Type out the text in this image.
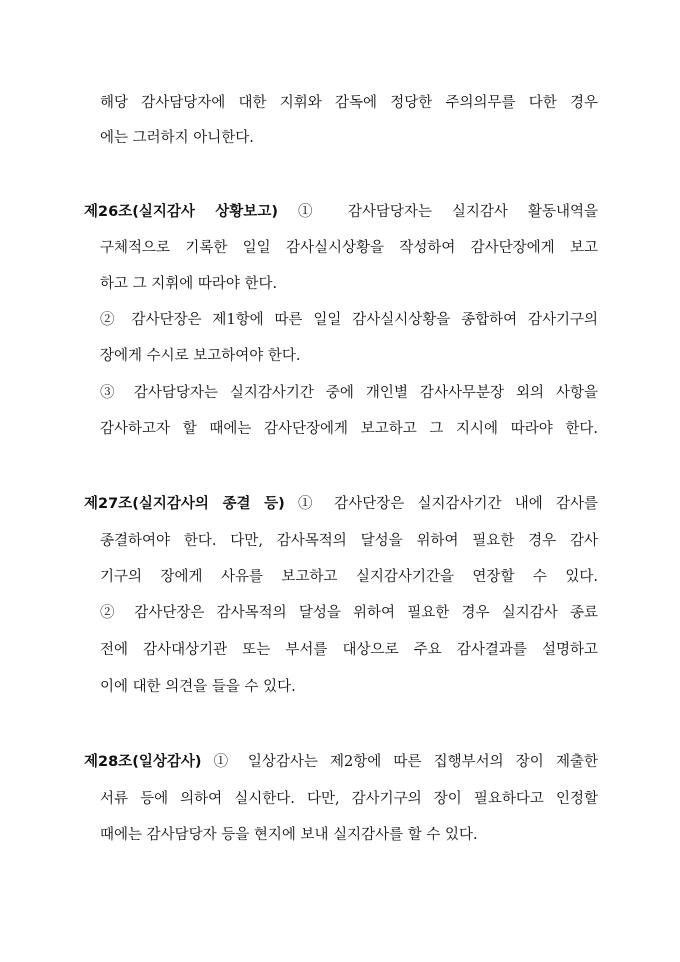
해당 감사담당자에 대한 지휘와 감독에 정당한 주의의무를 다한 경우
에는 그러하지 아니한다.
제26조(실지감사 상황보고) ① 감사담당자는 실지감사 활동내역을
구체적으로 기록한 일일 감사실시상황을 작성하여 감사단장에게 보고
하고 그 지휘에 따라야 한다.
② 감사단장은 제1항에 따른 일일 감사실시상황을 종합하여 감사기구의
장에게 수시로 보고하여야 한다.
③ 감사담당자는 실지감사기간 중에 개인별 감사사무분장 외의 사항을
감사하고자 할 때에는 감사단장에게 보고하고 그 지시에 따라야 한다.
제27조(실지감사의 종결 등) ① 감사단장은 실지감사기간 내에 감사를
종결하여야 한다. 다만, 감사목적의 달성을 위하여 필요한 경우 감사
기구의 장에게 사유를 보고하고 실지감사기간을 연장할 수 있다.
② 감사단장은 감사목적의 달성을 위하여 필요한 경우 실지감사 종료
전에 감사대상기관 또는 부서를 대상으로 주요 감사결과를 설명하고
이에 대한 의견을 들을 수 있다.
제28조(일상감사) ① 일상감사는 제2항에 따른 집행부서의 장이 제출한
서류 등에 의하여 실시한다. 다만, 감사기구의 장이 필요하다고 인정할
때에는 감사담당자 등을 현지에 보내 실지감사를 할 수 있다.
